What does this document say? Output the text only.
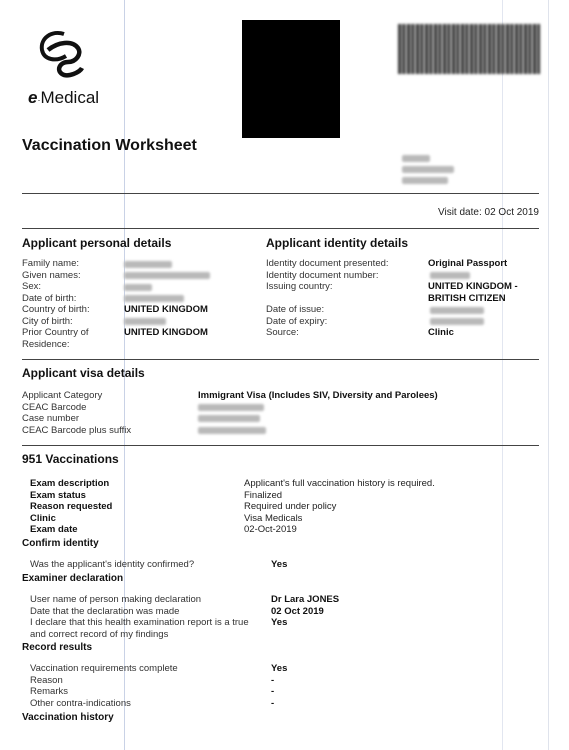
e·Medical
Vaccination Worksheet
Visit date: 02 Oct 2019
Applicant personal details
Family name:
Given names:
Sex:
Date of birth:
Country of birth:
City of birth:
Prior Country of Residence:
UNITED KINGDOM
UNITED KINGDOM
Applicant identity details
Identity document presented:
Identity document number:
Issuing country:
Date of issue:
Date of expiry:
Source:
Original Passport
UNITED KINGDOM - BRITISH CITIZEN
Clinic
Applicant visa details
Applicant Category
CEAC Barcode
Case number
CEAC Barcode plus suffix
Immigrant Visa (Includes SIV, Diversity and Parolees)
951 Vaccinations
Exam description
Exam status
Reason requested
Clinic
Exam date
Applicant's full vaccination history is required.
Finalized
Required under policy
Visa Medicals
02-Oct-2019
Confirm identity
Was the applicant's identity confirmed?	Yes
Examiner declaration
User name of person making declaration
Date that the declaration was made
I declare that this health examination report is a true and correct record of my findings
Dr Lara JONES
02 Oct 2019
Yes
Record results
Vaccination requirements complete
Reason
Remarks
Other contra-indications
Yes
-
-
-
Vaccination history
